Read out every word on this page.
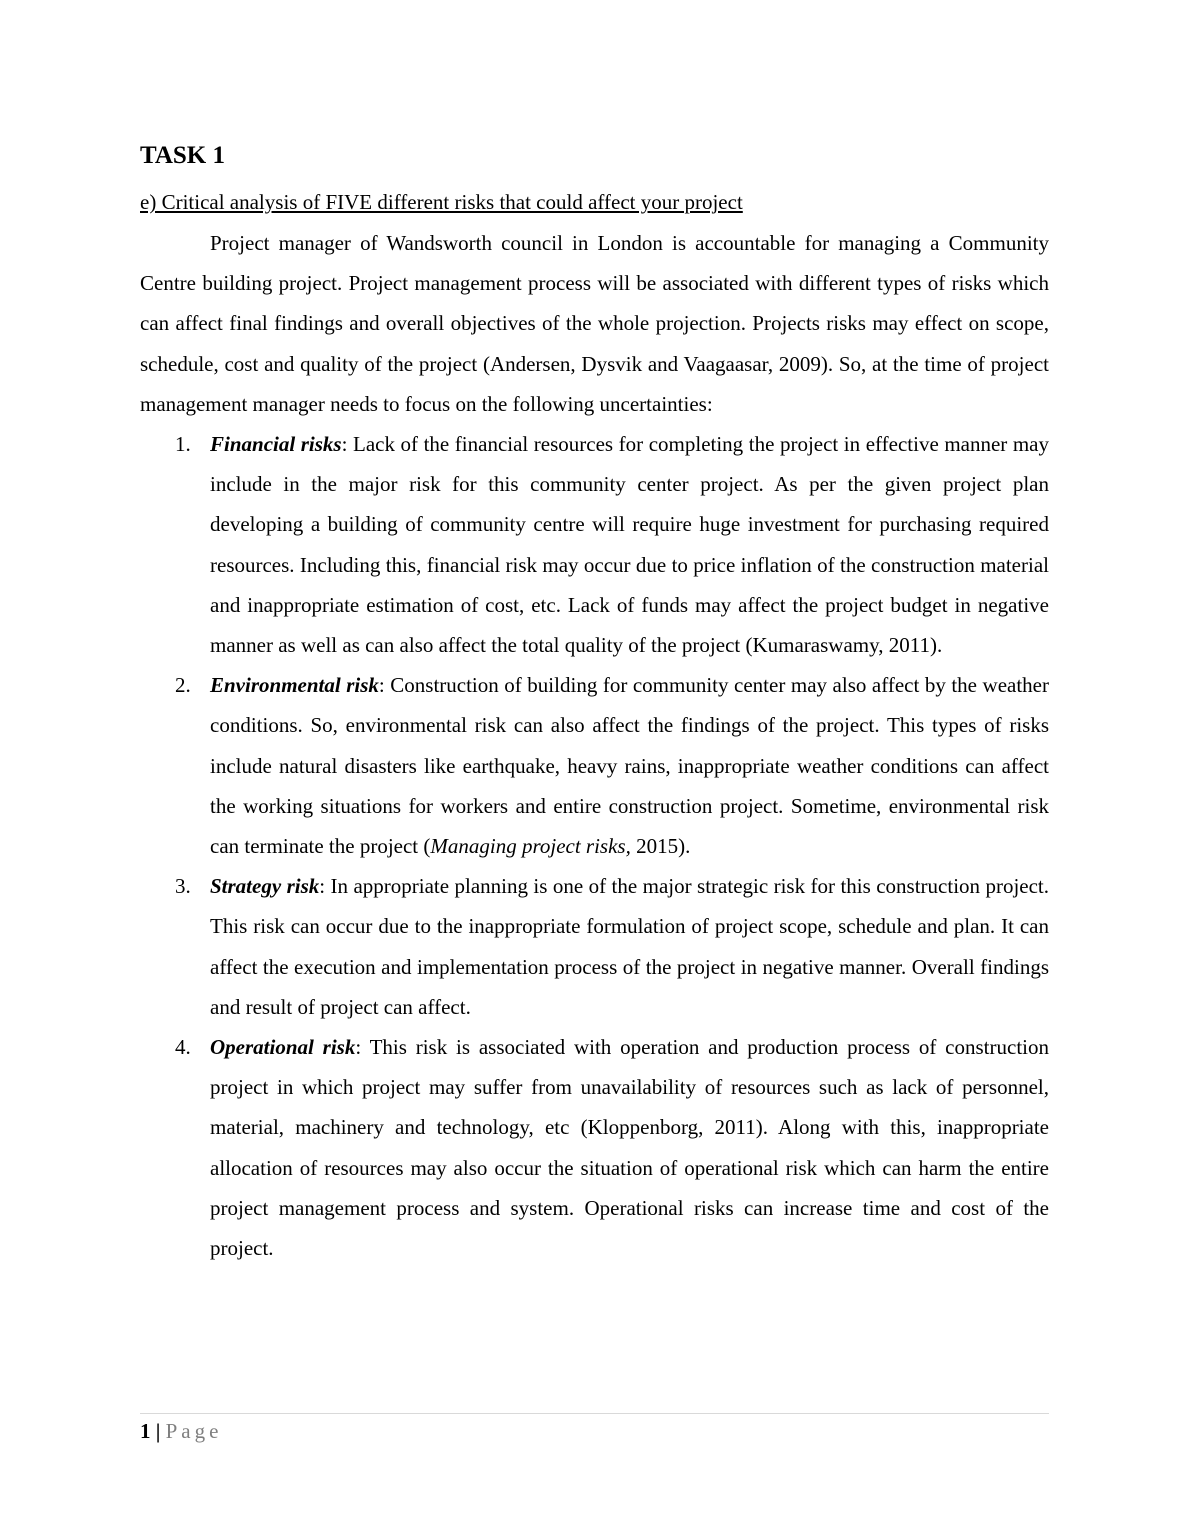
TASK 1

e) Critical analysis of FIVE different risks that could affect your project

Project manager of Wandsworth council in London is accountable for managing a Community Centre building project. Project management process will be associated with different types of risks which can affect final findings and overall objectives of the whole projection. Projects risks may effect on scope, schedule, cost and quality of the project (Andersen, Dysvik and Vaagaasar, 2009). So, at the time of project management manager needs to focus on the following uncertainties:

1. Financial risks: Lack of the financial resources for completing the project in effective manner may include in the major risk for this community center project. As per the given project plan developing a building of community centre will require huge investment for purchasing required resources. Including this, financial risk may occur due to price inflation of the construction material and inappropriate estimation of cost, etc. Lack of funds may affect the project budget in negative manner as well as can also affect the total quality of the project (Kumaraswamy, 2011).
2. Environmental risk: Construction of building for community center may also affect by the weather conditions. So, environmental risk can also affect the findings of the project. This types of risks include natural disasters like earthquake, heavy rains, inappropriate weather conditions can affect the working situations for workers and entire construction project. Sometime, environmental risk can terminate the project (Managing project risks, 2015).
3. Strategy risk: In appropriate planning is one of the major strategic risk for this construction project. This risk can occur due to the inappropriate formulation of project scope, schedule and plan. It can affect the execution and implementation process of the project in negative manner. Overall findings and result of project can affect.
4. Operational risk: This risk is associated with operation and production process of construction project in which project may suffer from unavailability of resources such as lack of personnel, material, machinery and technology, etc (Kloppenborg, 2011). Along with this, inappropriate allocation of resources may also occur the situation of operational risk which can harm the entire project management process and system. Operational risks can increase time and cost of the project.
1 | Page
